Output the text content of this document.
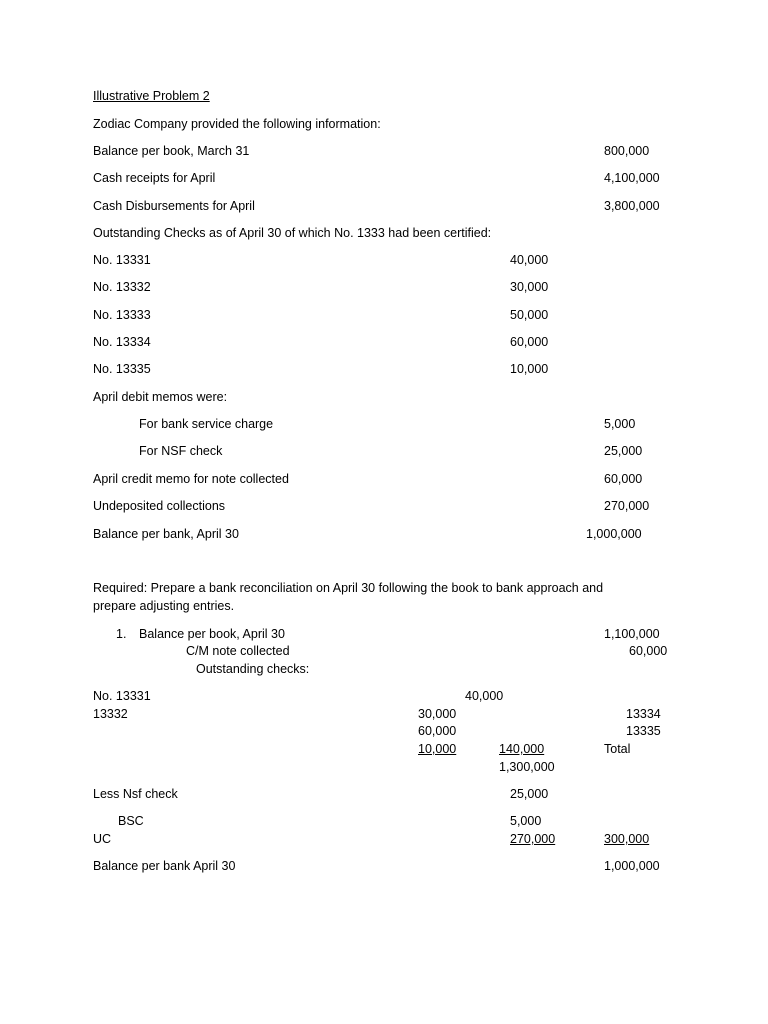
Illustrative Problem 2
Zodiac Company provided the following information:
Balance per book, March 31	800,000
Cash receipts for April	4,100,000
Cash Disbursements for April	3,800,000
Outstanding Checks as of April 30 of which No. 1333 had been certified:
No. 13331	40,000
No. 13332	30,000
No. 13333	50,000
No. 13334	60,000
No. 13335	10,000
April debit memos were:
For bank service charge	5,000
For NSF check	25,000
April credit memo for note collected	60,000
Undeposited collections	270,000
Balance per bank, April 30	1,000,000
Required: Prepare a bank reconciliation on April 30 following the book to bank approach and
prepare adjusting entries.
1. Balance per book, April 30	1,100,000
C/M note collected	60,000
Outstanding checks:
No. 13331	40,000
13332	30,000	13334
60,000	13335
10,000	140,000	Total
1,300,000
Less Nsf check	25,000
BSC	5,000
UC	270,000	300,000
Balance per bank April 30	1,000,000
